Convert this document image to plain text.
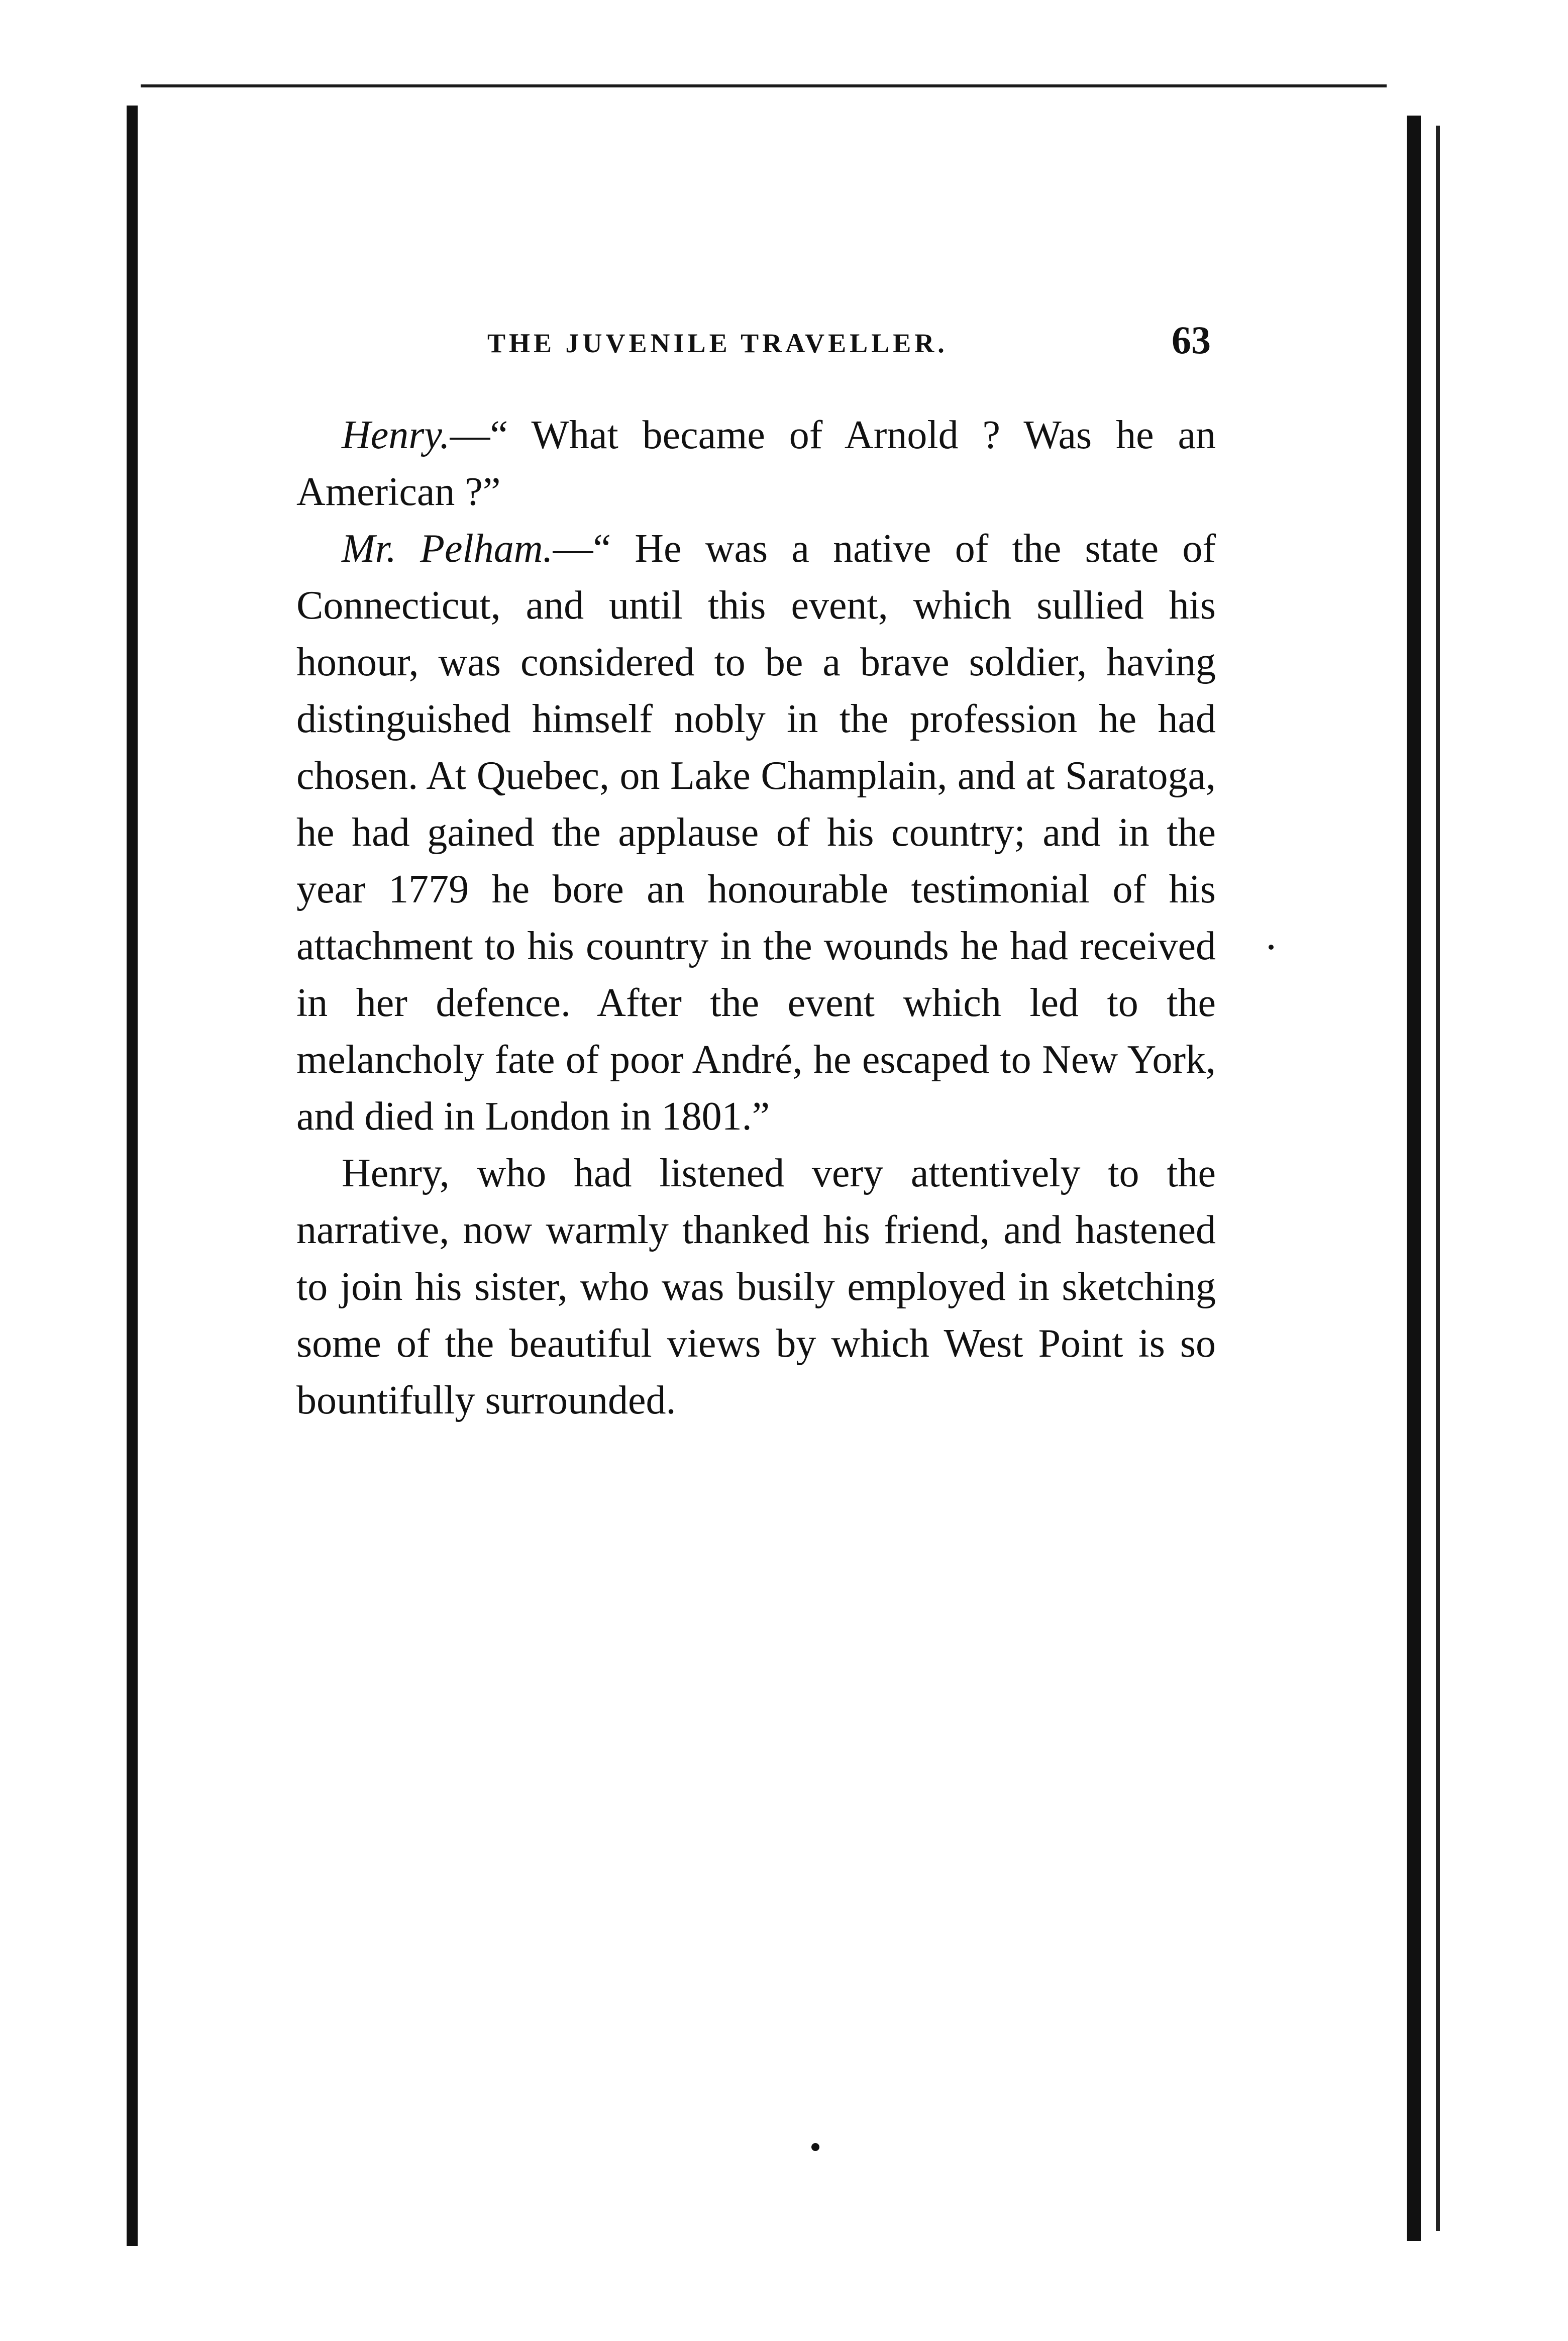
THE JUVENILE TRAVELLER.	63

Henry.—“ What became of Arnold ? Was he an American ?”

Mr. Pelham.—“ He was a native of the state of Connecticut, and until this event, which sullied his honour, was considered to be a brave soldier, having distinguished himself nobly in the profession he had chosen. At Quebec, on Lake Champlain, and at Saratoga, he had gained the applause of his country; and in the year 1779 he bore an honourable testimonial of his attachment to his country in the wounds he had received in her defence. After the event which led to the melancholy fate of poor André, he escaped to New York, and died in London in 1801.”

Henry, who had listened very attentively to the narrative, now warmly thanked his friend, and hastened to join his sister, who was busily employed in sketching some of the beautiful views by which West Point is so bountifully surrounded.
